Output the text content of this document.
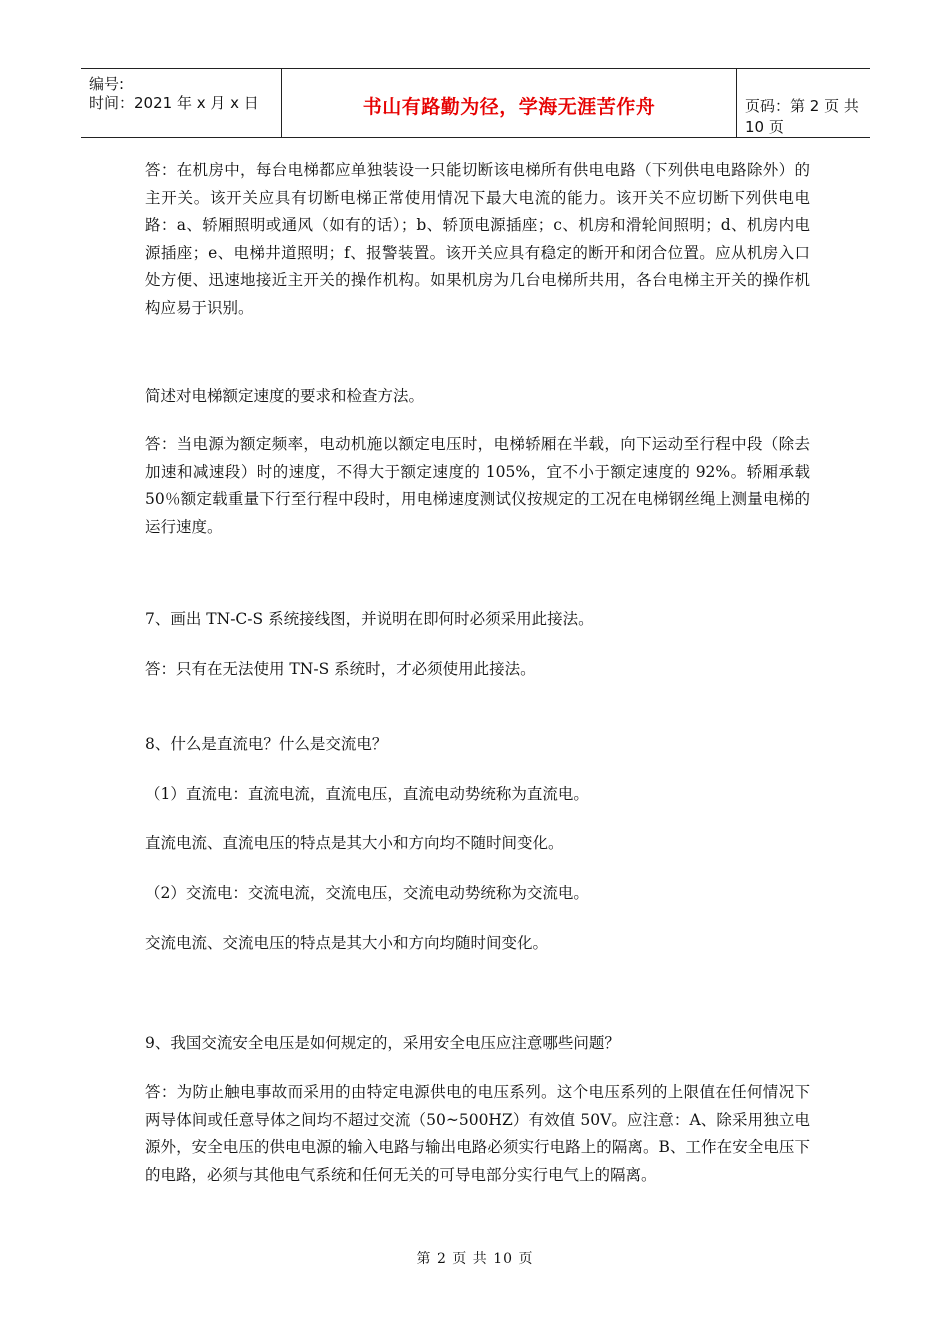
编号:
时间：2021 年 x 月 x 日	书山有路勤为径，学海无涯苦作舟	页码：第 2 页 共 10 页

答：在机房中，每台电梯都应单独装设一只能切断该电梯所有供电电路（下列供电电路除外）的主开关。该开关应具有切断电梯正常使用情况下最大电流的能力。该开关不应切断下列供电电路：a、轿厢照明或通风（如有的话）；b、轿顶电源插座；c、机房和滑轮间照明；d、机房内电源插座；e、电梯井道照明；f、报警装置。该开关应具有稳定的断开和闭合位置。应从机房入口处方便、迅速地接近主开关的操作机构。如果机房为几台电梯所共用，各台电梯主开关的操作机构应易于识别。

简述对电梯额定速度的要求和检查方法。

答：当电源为额定频率，电动机施以额定电压时，电梯轿厢在半载，向下运动至行程中段（除去加速和减速段）时的速度，不得大于额定速度的 105%，宜不小于额定速度的 92%。轿厢承载 50％额定载重量下行至行程中段时，用电梯速度测试仪按规定的工况在电梯钢丝绳上测量电梯的运行速度。

7、画出 TN-C-S 系统接线图，并说明在即何时必须采用此接法。

答：只有在无法使用 TN-S 系统时，才必须使用此接法。

8、什么是直流电？什么是交流电？

（1）直流电：直流电流，直流电压，直流电动势统称为直流电。

直流电流、直流电压的特点是其大小和方向均不随时间变化。

（2）交流电：交流电流，交流电压，交流电动势统称为交流电。

交流电流、交流电压的特点是其大小和方向均随时间变化。

9、我国交流安全电压是如何规定的，采用安全电压应注意哪些问题？

答：为防止触电事故而采用的由特定电源供电的电压系列。这个电压系列的上限值在任何情况下两导体间或任意导体之间均不超过交流（50~500HZ）有效值 50V。应注意：A、除采用独立电源外，安全电压的供电电源的输入电路与输出电路必须实行电路上的隔离。B、工作在安全电压下的电路，必须与其他电气系统和任何无关的可导电部分实行电气上的隔离。

第 2 页 共 10 页
